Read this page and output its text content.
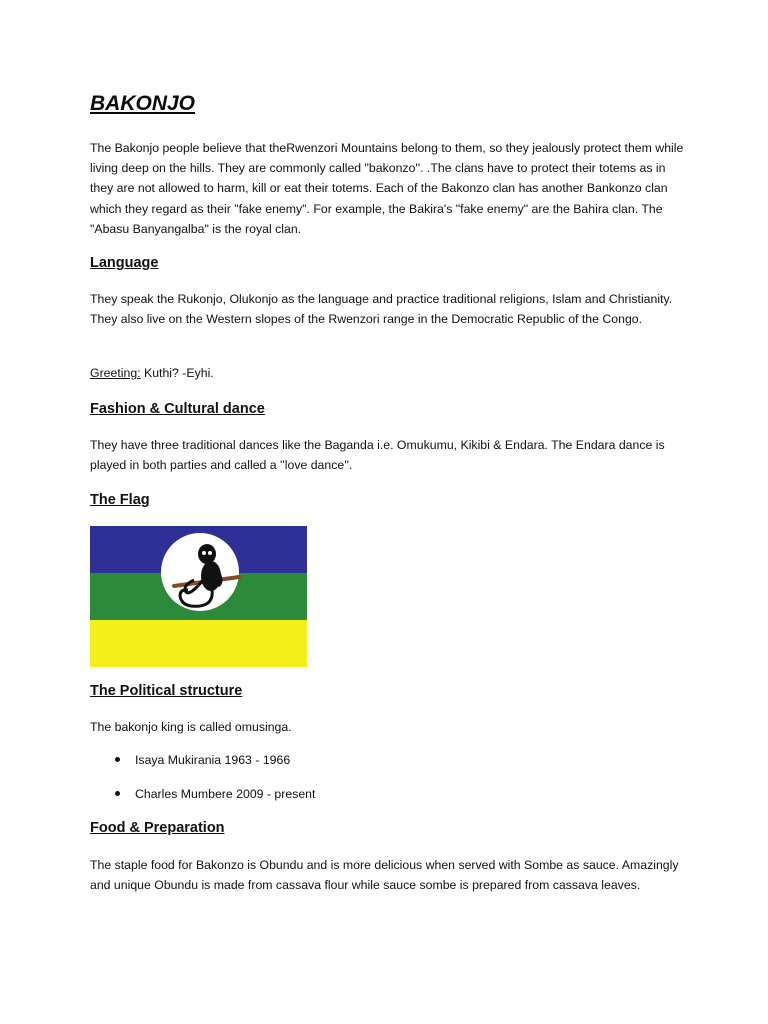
BAKONJO

The Bakonjo people believe that theRwenzori Mountains belong to them, so they jealously protect them while living deep on the hills. They are commonly called "bakonzo''. .The clans have to protect their totems as in they are not allowed to harm, kill or eat their totems. Each of the Bakonzo clan has another Bankonzo clan which they regard as their "fake enemy". For example, the Bakira's "fake enemy" are the Bahira clan. The "Abasu Banyangalba" is the royal clan.

Language

They speak the Rukonjo, Olukonjo as the language and practice traditional religions, Islam and Christianity. They also live on the Western slopes of the Rwenzori range in the Democratic Republic of the Congo.

Greeting: Kuthi? -Eyhi.

Fashion & Cultural dance

They have three traditional dances like the Baganda i.e. Omukumu, Kikibi & Endara. The Endara dance is played in both parties and called a ''love dance''.

The Flag
The Political structure

The bakonjo king is called omusinga.

Isaya Mukirania 1963 - 1966
Charles Mumbere 2009 - present
Food & Preparation

The staple food for Bakonzo is Obundu and is more delicious when served with Sombe as sauce. Amazingly and unique Obundu is made from cassava flour while sauce sombe is prepared from cassava leaves.
